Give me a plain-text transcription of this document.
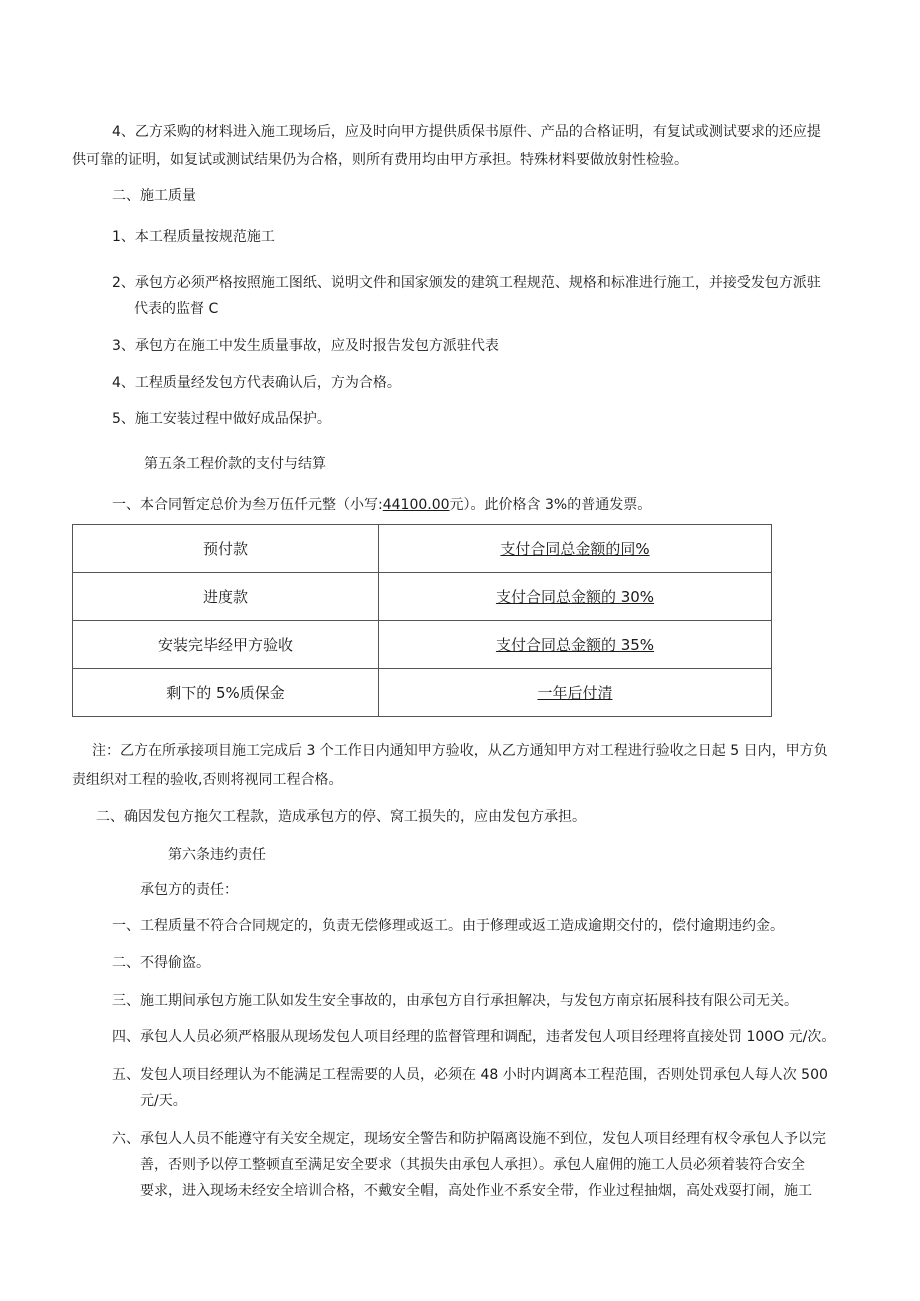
4、乙方采购的材料进入施工现场后，应及时向甲方提供质保书原件、产品的合格证明，有复试或测试要求的还应提
供可靠的证明，如复试或测试结果仍为合格，则所有费用均由甲方承担。特殊材料要做放射性检验。
二、施工质量
1、本工程质量按规范施工
2、承包方必须严格按照施工图纸、说明文件和国家颁发的建筑工程规范、规格和标准进行施工，并接受发包方派驻
代表的监督 C
3、承包方在施工中发生质量事故，应及时报告发包方派驻代表
4、工程质量经发包方代表确认后，方为合格。
5、施工安装过程中做好成品保护。
第五条工程价款的支付与结算
一、本合同暂定总价为叁万伍仟元整（小写:44100.00元）。此价格含 3%的普通发票。
预付款	支付合同总金额的同%
进度款	支付合同总金额的 30%
安装完毕经甲方验收	支付合同总金额的 35%
剩下的 5%质保金	一年后付清
注：乙方在所承接项目施工完成后 3 个工作日内通知甲方验收，从乙方通知甲方对工程进行验收之日起 5 日内，甲方负
责组织对工程的验收,否则将视同工程合格。
二、确因发包方拖欠工程款，造成承包方的停、窝工损失的，应由发包方承担。
第六条违约责任
承包方的责任：
一、工程质量不符合合同规定的，负责无偿修理或返工。由于修理或返工造成逾期交付的，偿付逾期违约金。
二、不得偷盗。
三、施工期间承包方施工队如发生安全事故的，由承包方自行承担解决，与发包方南京拓展科技有限公司无关。
四、承包人人员必须严格服从现场发包人项目经理的监督管理和调配，违者发包人项目经理将直接处罚 100O 元/次。
五、发包人项目经理认为不能满足工程需要的人员，必须在 48 小时内调离本工程范围，否则处罚承包人每人次 500
元/天。
六、承包人人员不能遵守有关安全规定，现场安全警告和防护隔离设施不到位，发包人项目经理有权令承包人予以完
善，否则予以停工整顿直至满足安全要求（其损失由承包人承担）。承包人雇佣的施工人员必须着装符合安全
要求，进入现场未经安全培训合格，不戴安全帽，高处作业不系安全带，作业过程抽烟，高处戏耍打闹，施工
